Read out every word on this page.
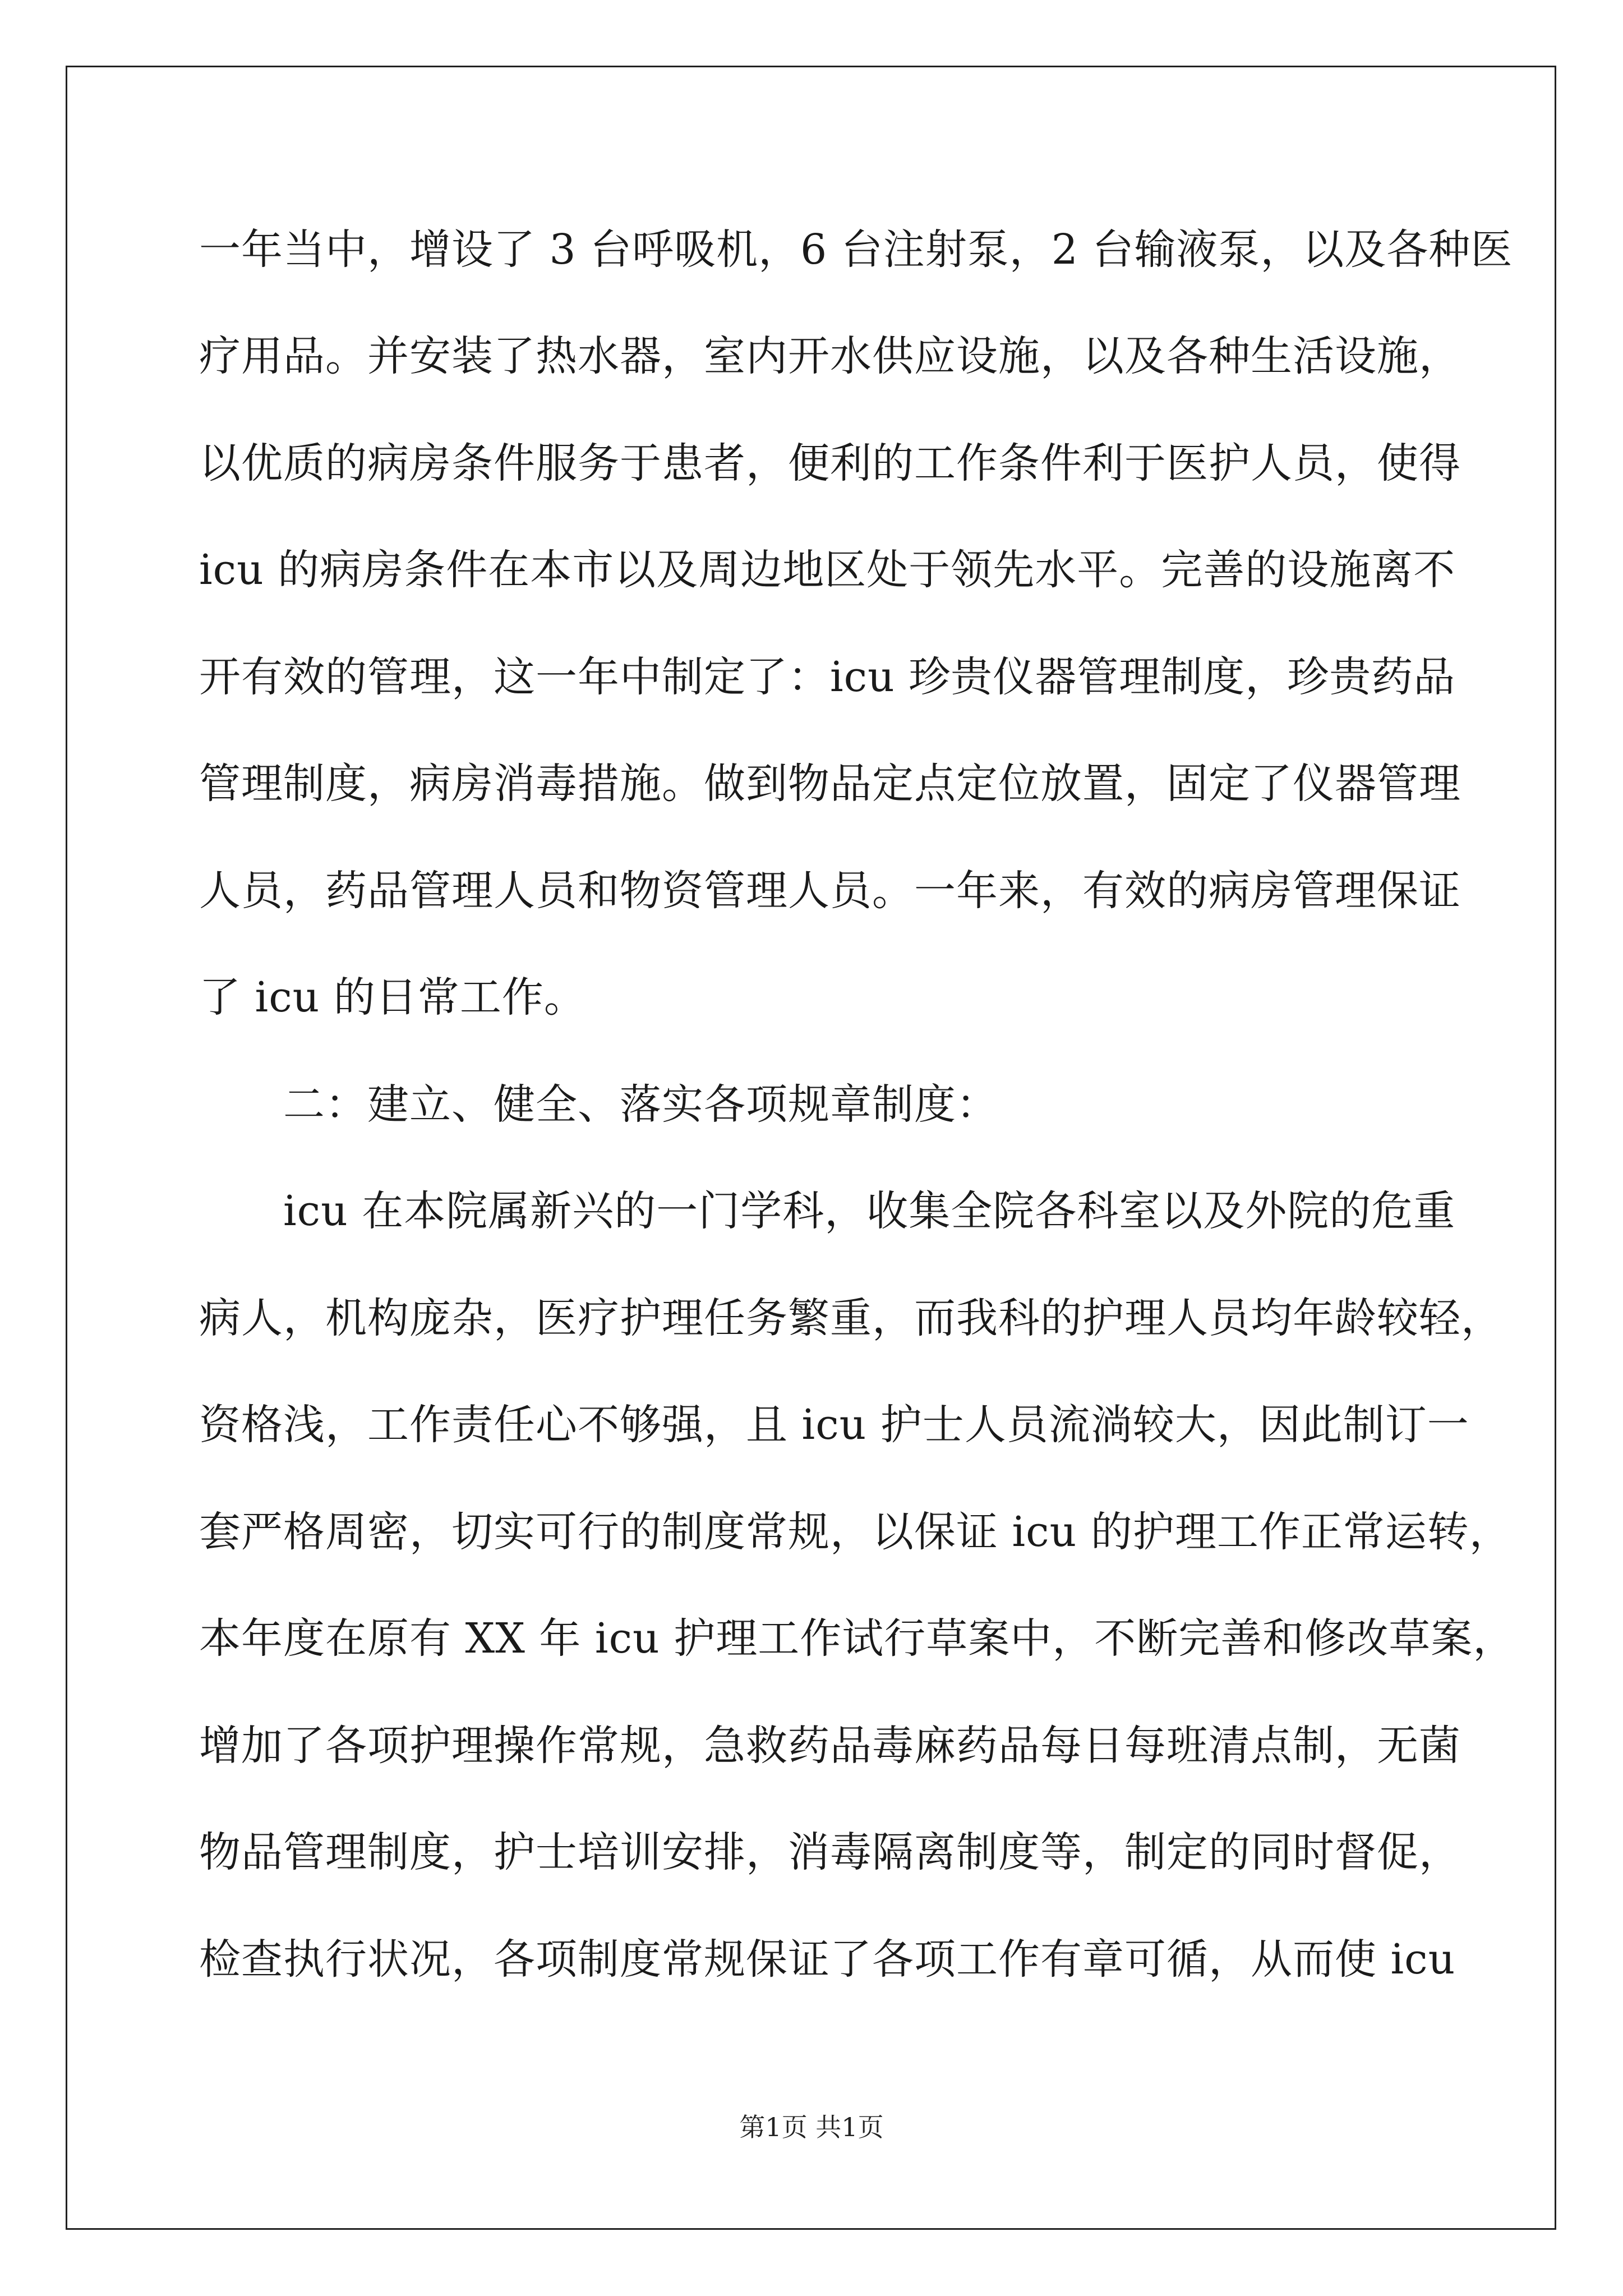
一年当中，增设了 3 台呼吸机，6 台注射泵，2 台输液泵，以及各种医
疗用品。并安装了热水器，室内开水供应设施，以及各种生活设施，
以优质的病房条件服务于患者，便利的工作条件利于医护人员，使得
icu 的病房条件在本市以及周边地区处于领先水平。完善的设施离不
开有效的管理，这一年中制定了：icu 珍贵仪器管理制度，珍贵药品
管理制度，病房消毒措施。做到物品定点定位放置，固定了仪器管理
人员，药品管理人员和物资管理人员。一年来，有效的病房管理保证
了 icu 的日常工作。
二：建立、健全、落实各项规章制度：
icu 在本院属新兴的一门学科，收集全院各科室以及外院的危重
病人，机构庞杂，医疗护理任务繁重，而我科的护理人员均年龄较轻，
资格浅，工作责任心不够强，且 icu 护士人员流淌较大，因此制订一
套严格周密，切实可行的制度常规，以保证 icu 的护理工作正常运转，
本年度在原有 XX 年 icu 护理工作试行草案中，不断完善和修改草案，
增加了各项护理操作常规，急救药品毒麻药品每日每班清点制，无菌
物品管理制度，护士培训安排，消毒隔离制度等，制定的同时督促，
检查执行状况，各项制度常规保证了各项工作有章可循，从而使 icu
第1页 共1页
